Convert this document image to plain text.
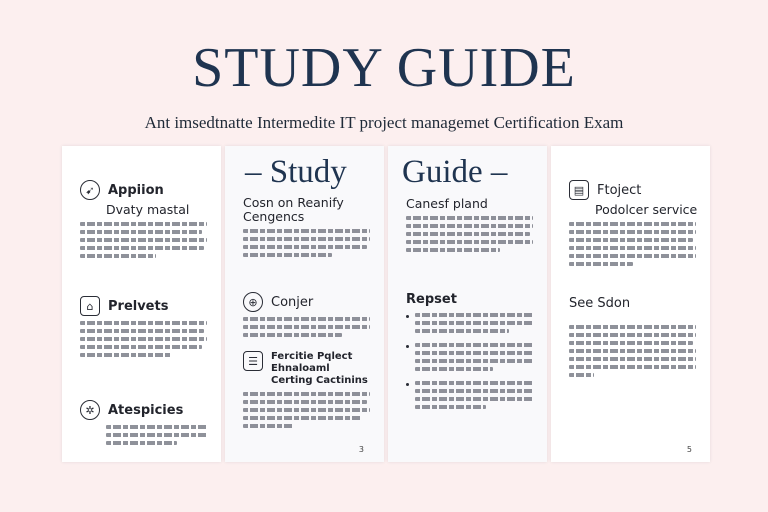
STUDY GUIDE
Ant imsedtnatte Intermedite IT project managemet Certification Exam
➹	Appiion
Dvaty mastal
⌂	Prelvets
✲	Atespicies
– Study
Cosn on Reanify Cengencs
⊕	Conjer
☰	Fercitie Pqlect Ehnaloaml Certing Cactinins
3
Guide –
Canesf pland
Repset
▤ Ftoject
Podolcer service
See Sdon
5
